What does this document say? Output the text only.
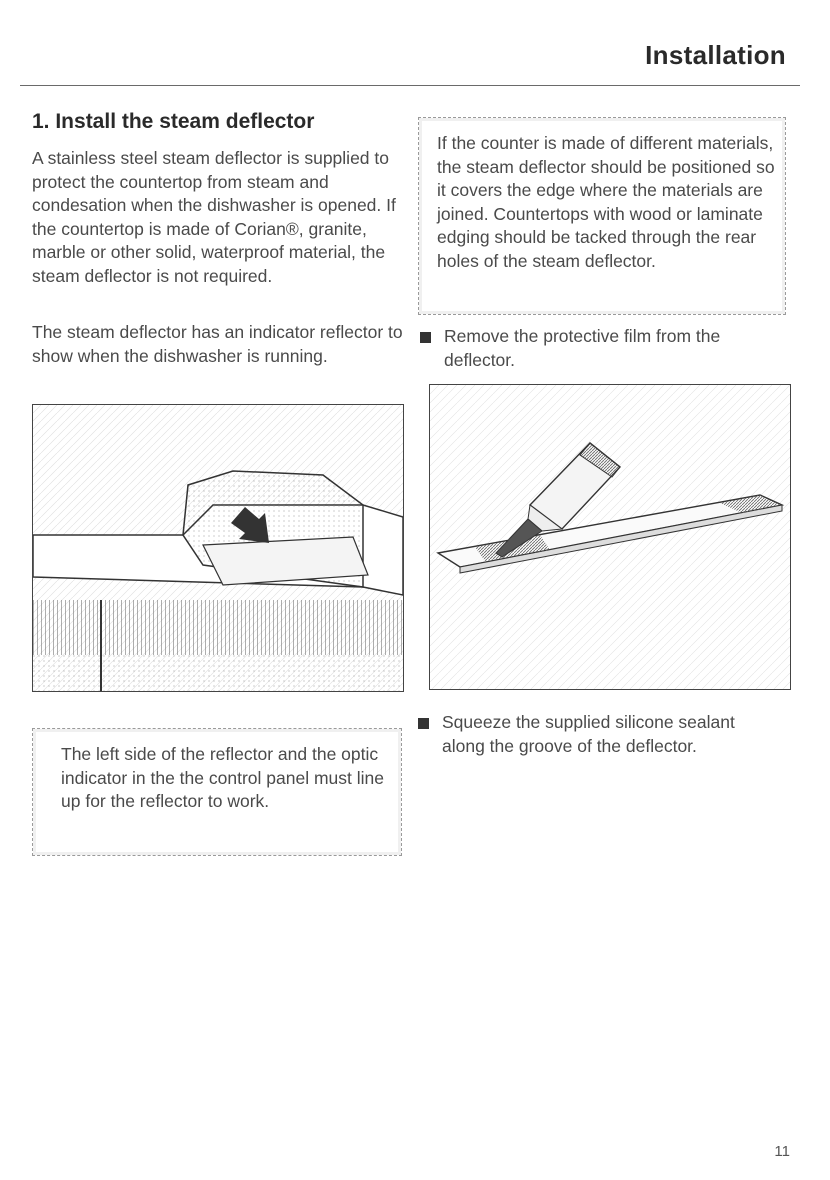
Installation
1. Install the steam deflector
A stainless steel steam deflector is supplied to protect the countertop from steam and condesation when the dishwasher is opened. If the countertop is made of Corian®, granite, marble or other solid, waterproof material, the steam deflector is not required.
The steam deflector has an indicator reflector to show when the dishwasher is running.
If the counter is made of different materials, the steam deflector should be positioned so it covers the edge where the materials are joined. Countertops with wood or laminate edging should be tacked through the rear holes of the steam deflector.
Remove the protective film from the deflector.
The left side of the reflector and the optic indicator in the the control panel must line up for the reflector to work.
Squeeze the supplied silicone sealant along the groove of the deflector.
11
